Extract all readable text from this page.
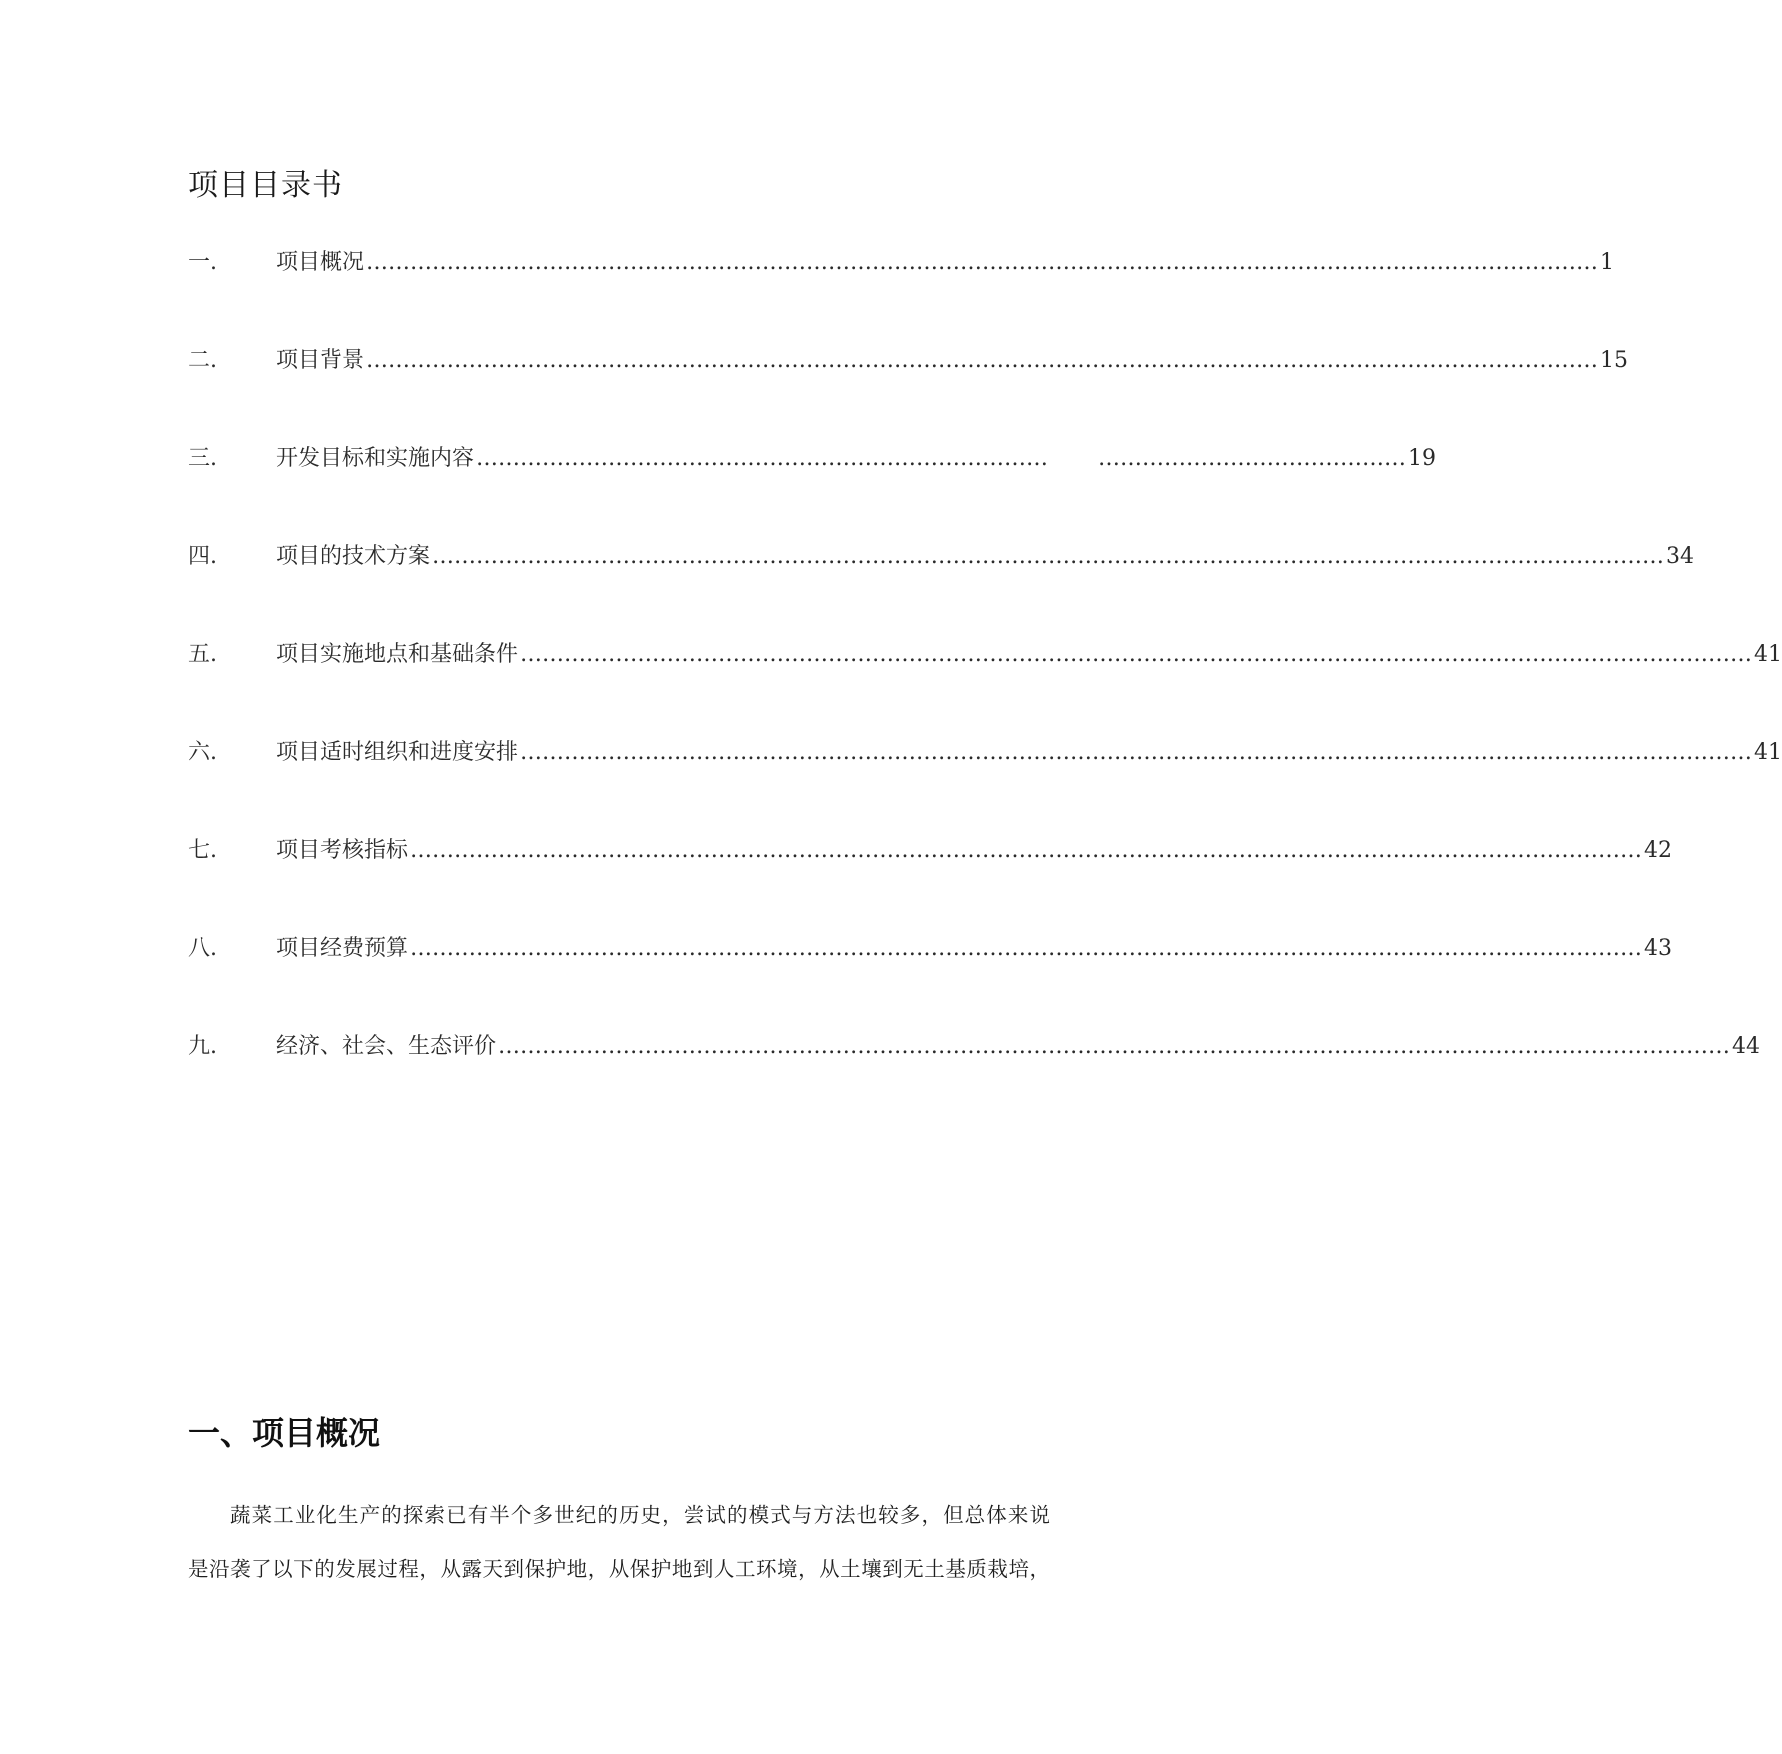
项目目录书
一.	项目概况 ……………………………………………………………………………………………………………………………………………………	1
二.	项目背景 ……………………………………………………………………………………………………………………………………………………	15
三.	开发目标和实施内容 …………………………………………………………………… …………………………………… 19
四.	项目的技术方案 ……………………………………………………………………………………………………………………………………………………	34
五.	项目实施地点和基础条件 ……………………………………………………………………………………………………………………………………………………	41
六.	项目适时组织和进度安排 ……………………………………………………………………………………………………………………………………………………	41
七.	项目考核指标 ……………………………………………………………………………………………………………………………………………………	42
八.	项目经费预算 ……………………………………………………………………………………………………………………………………………………	43
九.	经济、社会、生态评价 ……………………………………………………………………………………………………………………………………………………	44
一、项目概况

蔬菜工业化生产的探索已有半个多世纪的历史，尝试的模式与方法也较多，但总体来说
是沿袭了以下的发展过程，从露天到保护地，从保护地到人工环境，从土壤到无土基质栽培，
